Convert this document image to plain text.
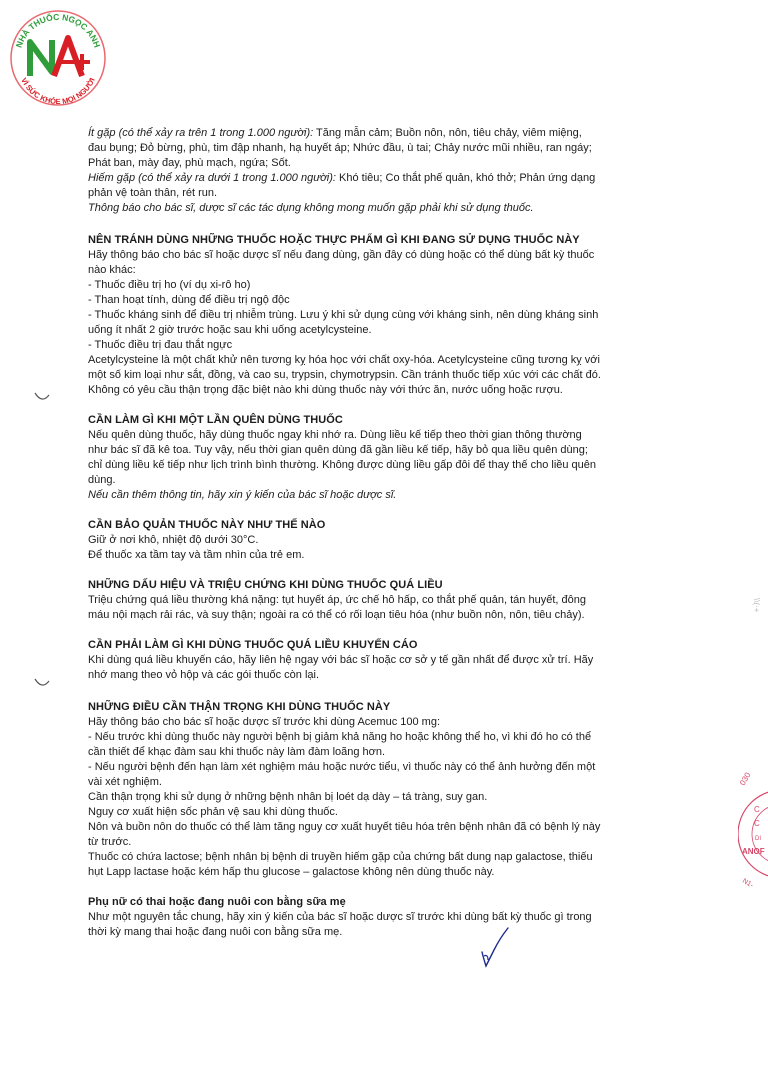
NHÀ THUỐC NGỌC ANH
VÌ SỨC KHỎE MỌI NGƯỜI

Ít gặp (có thể xảy ra trên 1 trong 1.000 người): Tăng mẫn cảm; Buồn nôn, nôn, tiêu chảy, viêm miệng,
đau bụng; Đỏ bừng, phù, tim đập nhanh, hạ huyết áp; Nhức đầu, ù tai; Chảy nước mũi nhiều, ran ngáy;
Phát ban, mày đay, phù mạch, ngứa; Sốt.

Hiếm gặp (có thể xảy ra dưới 1 trong 1.000 người): Khó tiêu; Co thắt phế quản, khó thở; Phản ứng dạng
phản vệ toàn thân, rét run.

Thông báo cho bác sĩ, dược sĩ các tác dụng không mong muốn gặp phải khi sử dụng thuốc.

NÊN TRÁNH DÙNG NHỮNG THUỐC HOẶC THỰC PHẨM GÌ KHI ĐANG SỬ DỤNG THUỐC NÀY

Hãy thông báo cho bác sĩ hoặc dược sĩ nếu đang dùng, gần đây có dùng hoặc có thể dùng bất kỳ thuốc

nào khác:

- Thuốc điều trị ho (ví dụ xi-rô ho)

- Than hoạt tính, dùng để điều trị ngộ độc

- Thuốc kháng sinh để điều trị nhiễm trùng. Lưu ý khi sử dụng cùng với kháng sinh, nên dùng kháng sinh

uống ít nhất 2 giờ trước hoặc sau khi uống acetylcysteine.

- Thuốc điều trị đau thắt ngực

Acetylcysteine là một chất khử nên tương kỵ hóa học với chất oxy-hóa. Acetylcysteine cũng tương kỵ với

một số kim loại như sắt, đồng, và cao su, trypsin, chymotrypsin. Cần tránh thuốc tiếp xúc với các chất đó.

Không có yêu cầu thận trọng đặc biệt nào khi dùng thuốc này với thức ăn, nước uống hoặc rượu.

CẦN LÀM GÌ KHI MỘT LẦN QUÊN DÙNG THUỐC

Nếu quên dùng thuốc, hãy dùng thuốc ngay khi nhớ ra. Dùng liều kế tiếp theo thời gian thông thường

như bác sĩ đã kê toa. Tuy vậy, nếu thời gian quên dùng đã gần liều kế tiếp, hãy bỏ qua liều quên dùng;

chỉ dùng liều kế tiếp như lịch trình bình thường. Không được dùng liều gấp đôi để thay thế cho liều quên

dùng.

Nếu cần thêm thông tin, hãy xin ý kiến của bác sĩ hoặc dược sĩ.

CẦN BẢO QUẢN THUỐC NÀY NHƯ THẾ NÀO

Giữ ở nơi khô, nhiệt độ dưới 30°C.

Để thuốc xa tầm tay và tầm nhìn của trẻ em.

NHỮNG DẤU HIỆU VÀ TRIỆU CHỨNG KHI DÙNG THUỐC QUÁ LIỀU

Triệu chứng quá liều thường khá nặng: tụt huyết áp, ức chế hô hấp, co thắt phế quản, tán huyết, đông

máu nội mạch rải rác, và suy thận; ngoài ra có thể có rối loạn tiêu hóa (như buồn nôn, nôn, tiêu chảy).

CẦN PHẢI LÀM GÌ KHI DÙNG THUỐC QUÁ LIỀU KHUYẾN CÁO

Khi dùng quá liều khuyến cáo, hãy liên hệ ngay với bác sĩ hoặc cơ sở y tế gần nhất để được xử trí. Hãy

nhớ mang theo vỏ hộp và các gói thuốc còn lại.

NHỮNG ĐIỀU CẦN THẬN TRỌNG KHI DÙNG THUỐC NÀY

Hãy thông báo cho bác sĩ hoặc dược sĩ trước khi dùng Acemuc 100 mg:

- Nếu trước khi dùng thuốc này người bệnh bị giảm khả năng ho hoặc không thể ho, vì khi đó ho có thể

cần thiết để khạc đàm sau khi thuốc này làm đàm loãng hơn.

- Nếu người bệnh đến hạn làm xét nghiệm máu hoặc nước tiểu, vì thuốc này có thể ảnh hưởng đến một

vài xét nghiệm.

Cần thận trọng khi sử dụng ở những bệnh nhân bị loét dạ dày – tá tràng, suy gan.

Nguy cơ xuất hiện sốc phản vệ sau khi dùng thuốc.

Nôn và buồn nôn do thuốc có thể làm tăng nguy cơ xuất huyết tiêu hóa trên bệnh nhân đã có bệnh lý này

từ trước.

Thuốc có chứa lactose; bệnh nhân bị bệnh di truyền hiếm gặp của chứng bất dung nạp galactose, thiếu

hụt Lapp lactase hoặc kém hấp thu glucose – galactose không nên dùng thuốc này.

Phụ nữ có thai hoặc đang nuôi con bằng sữa mẹ

Như một nguyên tắc chung, hãy xin ý kiến của bác sĩ hoặc dược sĩ trước khi dùng bất kỳ thuốc gì trong

thời kỳ mang thai hoặc đang nuôi con bằng sữa mẹ.

\\(·+
030
C
C
DI
ANOF
N1-
